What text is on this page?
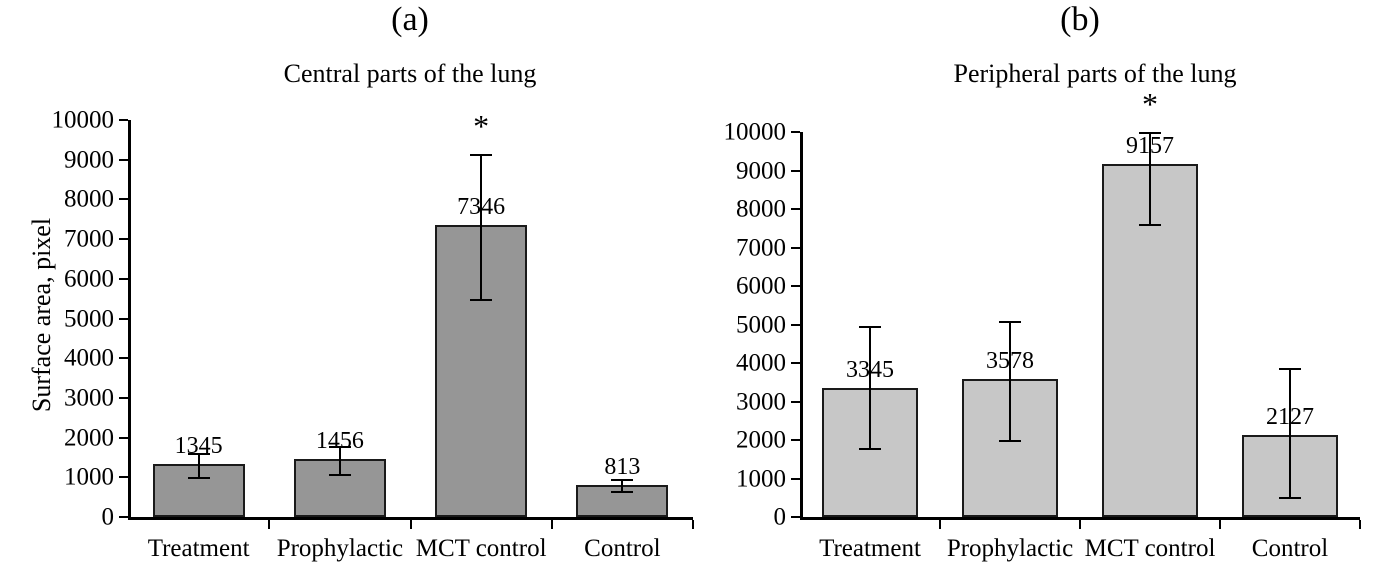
(a)
Central parts of the lung
Surface area, pixel
0
1000
2000
3000
4000
5000
6000
7000
8000
9000
10000
1345
Treatment
1456
Prophylactic
7346
*
MCT control
813
Control
(b)
Peripheral parts of the lung
0
1000
2000
3000
4000
5000
6000
7000
8000
9000
10000
3345
Treatment
3578
Prophylactic
9157
*
MCT control
2127
Control
